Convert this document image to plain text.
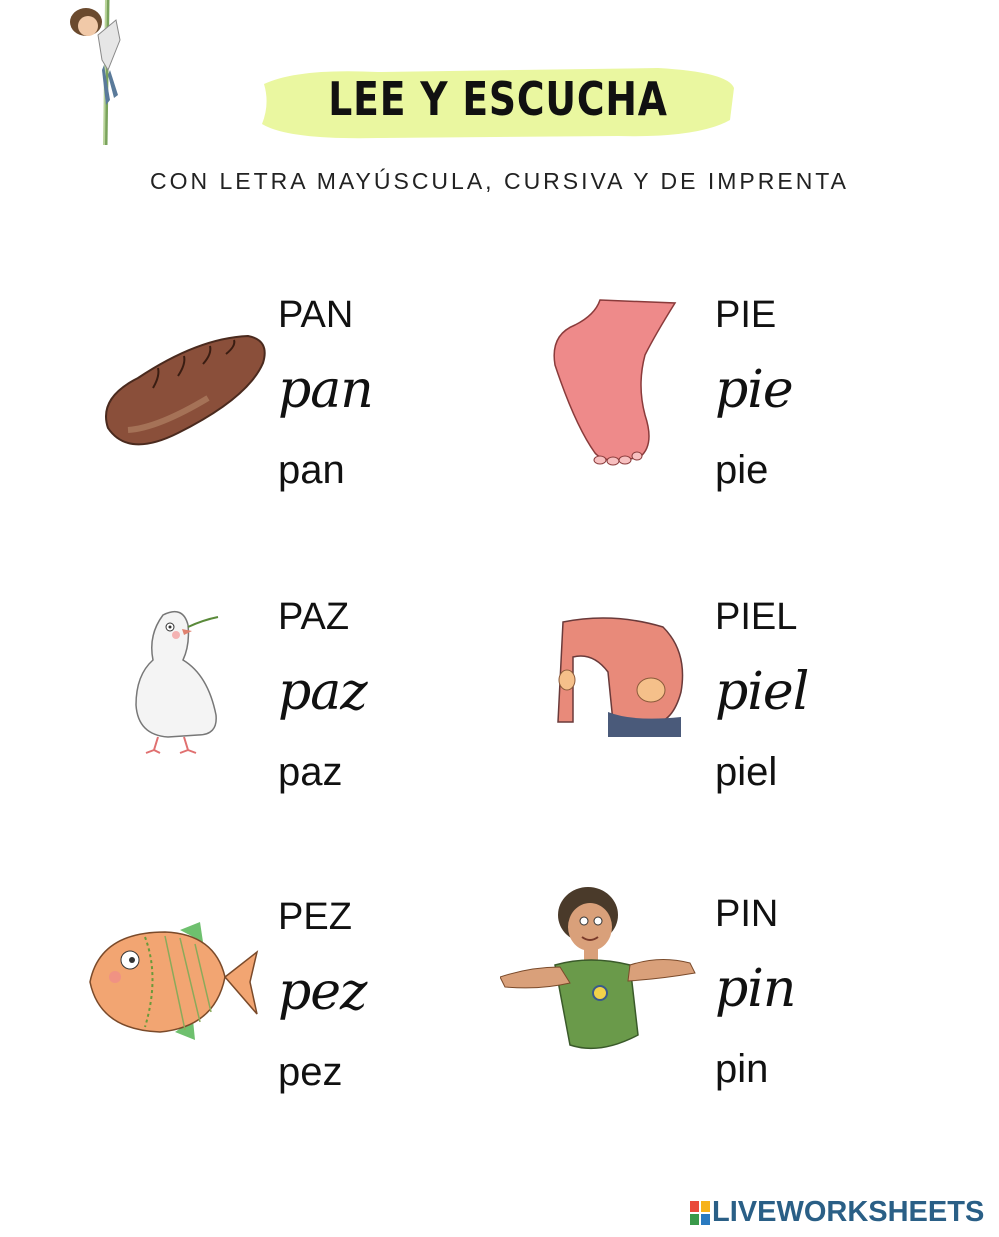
LEE Y ESCUCHA
CON LETRA MAYÚSCULA, CURSIVA Y DE IMPRENTA
PAN
pan
pan
PIE
pie
pie
PAZ
paz
paz
PIEL
piel
piel
PEZ
pez
pez
PIN
pin
pin
LIVEWORKSHEETS
